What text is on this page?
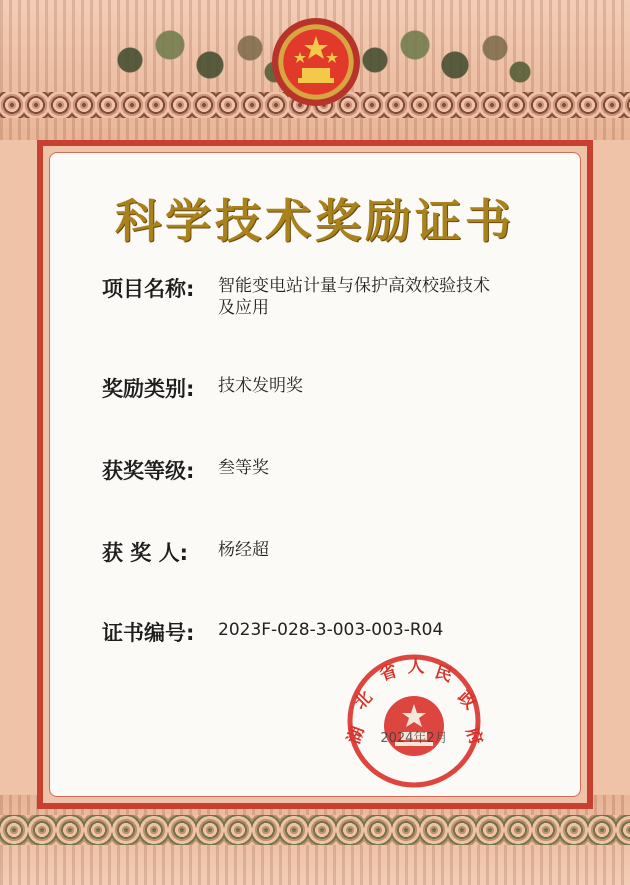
科学技术奖励证书
项目名称:	智能变电站计量与保护高效校验技术
及应用
奖励类别:	技术发明奖
获奖等级:	叁等奖
获 奖 人:	杨经超
证书编号:	2023F-028-3-003-003-R04
湖
北
省 人 民
政
府
2024年2月
